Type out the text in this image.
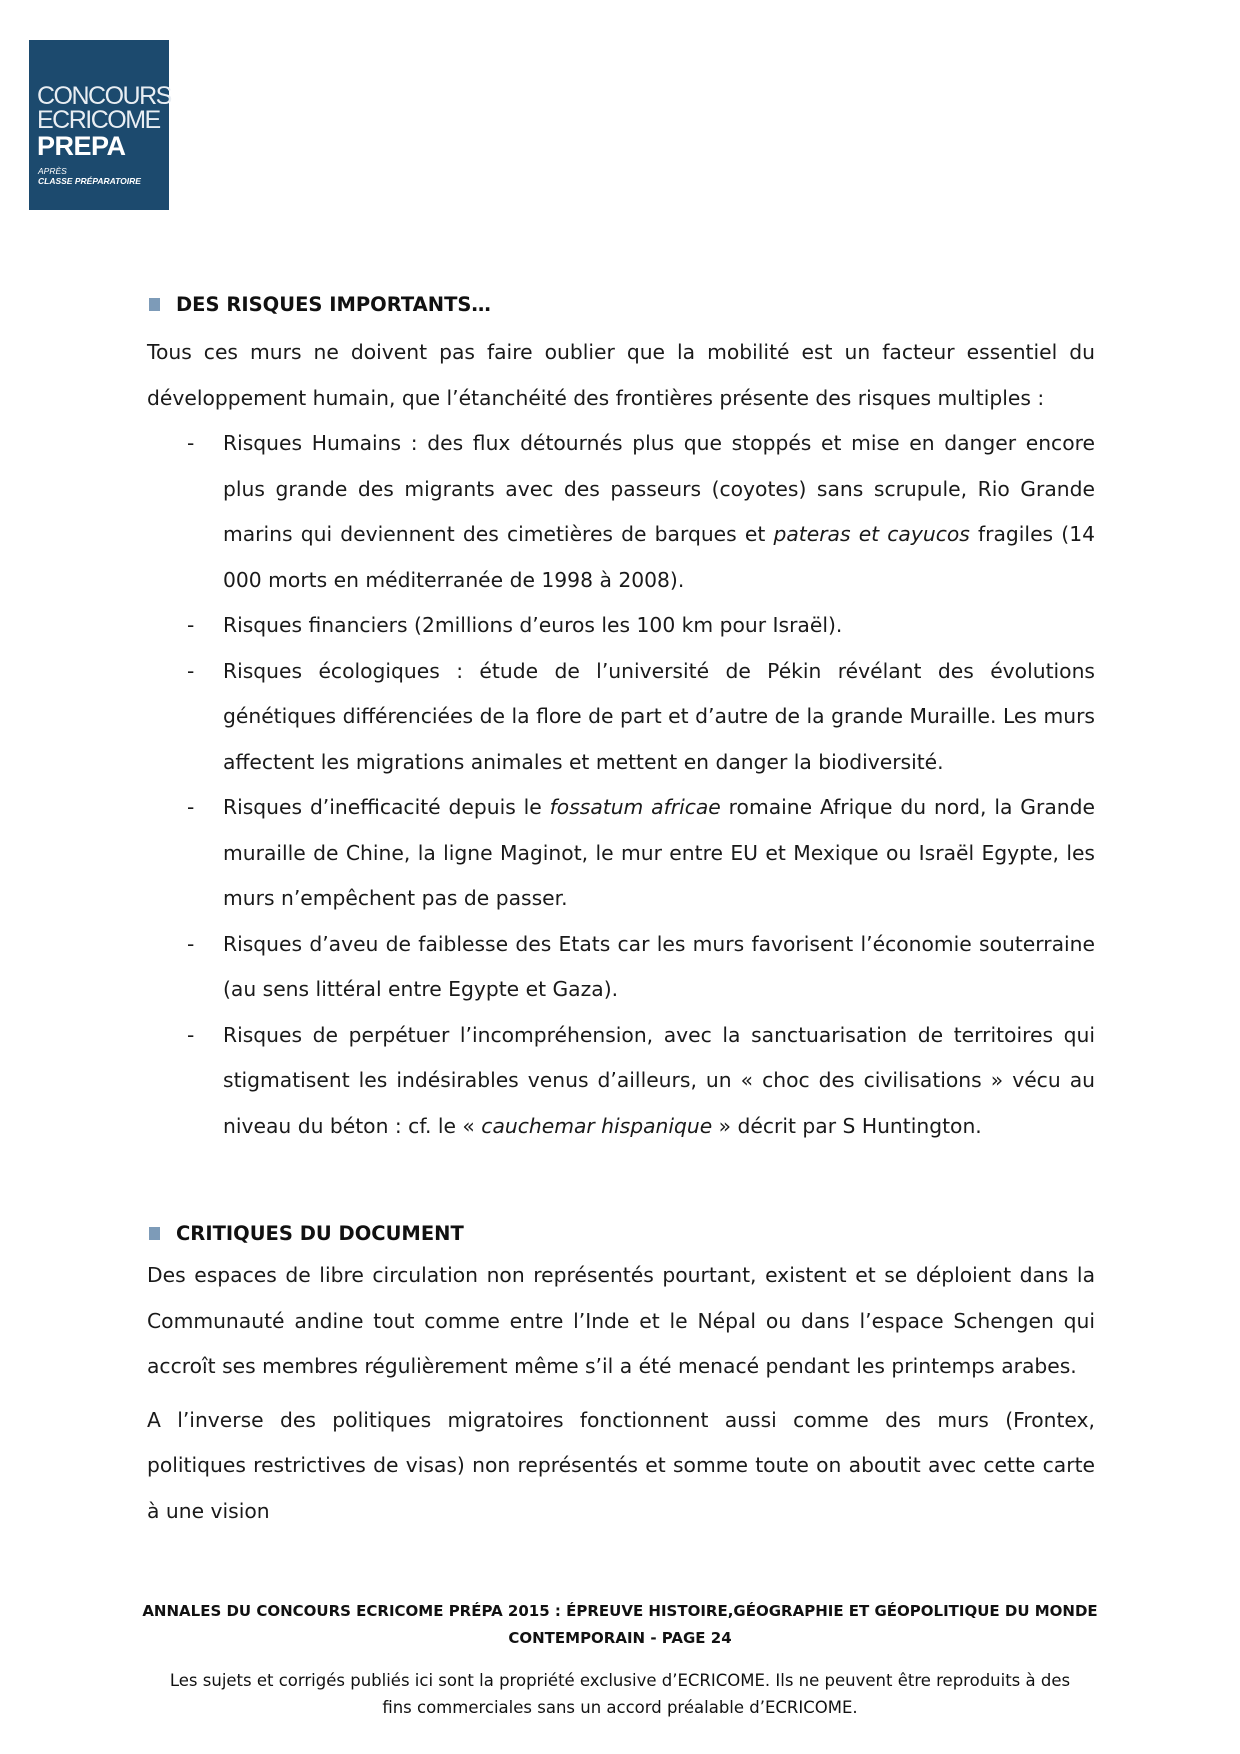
CONCOURS
ECRICOME
PREPA
APRÈS
CLASSE PRÉPARATOIRE
DES RISQUES IMPORTANTS…

Tous ces murs ne doivent pas faire oublier que la mobilité est un facteur essentiel du développement humain, que l’étanchéité des frontières présente des risques multiples :

- Risques Humains : des flux détournés plus que stoppés et mise en danger encore plus grande des migrants avec des passeurs (coyotes) sans scrupule, Rio Grande marins qui deviennent des cimetières de barques et pateras et cayucos fragiles (14 000 morts en méditerranée de 1998 à 2008).
- Risques financiers (2millions d’euros les 100 km pour Israël).
- Risques écologiques : étude de l’université de Pékin révélant des évolutions génétiques différenciées de la flore de part et d’autre de la grande Muraille. Les murs affectent les migrations animales et mettent en danger la biodiversité.
- Risques d’inefficacité depuis le fossatum africae romaine Afrique du nord, la Grande muraille de Chine, la ligne Maginot, le mur entre EU et Mexique ou Israël Egypte, les murs n’empêchent pas de passer.
- Risques d’aveu de faiblesse des Etats car les murs favorisent l’économie souterraine (au sens littéral entre Egypte et Gaza).
- Risques de perpétuer l’incompréhension, avec la sanctuarisation de territoires qui stigmatisent les indésirables venus d’ailleurs, un « choc des civilisations » vécu au niveau du béton : cf. le « cauchemar hispanique » décrit par S Huntington.
CRITIQUES DU DOCUMENT

Des espaces de libre circulation non représentés pourtant, existent et se déploient dans la Communauté andine tout comme entre l’Inde et le Népal ou dans l’espace Schengen qui accroît ses membres régulièrement même s’il a été menacé pendant les printemps arabes.

A l’inverse des politiques migratoires fonctionnent aussi comme des murs (Frontex, politiques restrictives de visas) non représentés et somme toute on aboutit avec cette carte à une vision

ANNALES DU CONCOURS ECRICOME PRÉPA 2015 : ÉPREUVE HISTOIRE,GÉOGRAPHIE ET GÉOPOLITIQUE DU MONDE
CONTEMPORAIN - PAGE 24
Les sujets et corrigés publiés ici sont la propriété exclusive d’ECRICOME. Ils ne peuvent être reproduits à des
fins commerciales sans un accord préalable d’ECRICOME.
